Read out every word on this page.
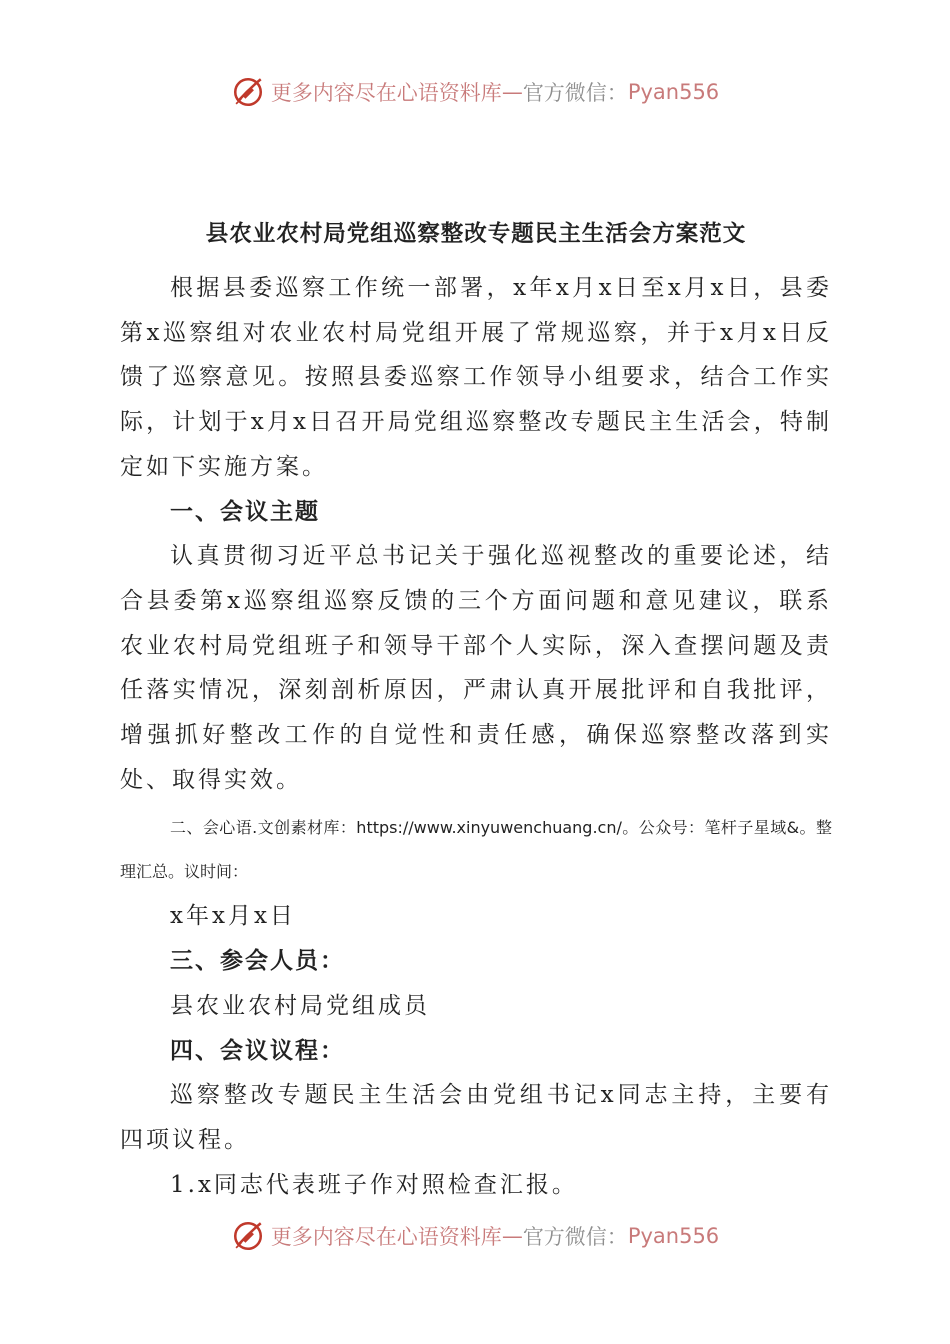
更多内容尽在心语资料库 — 官方微信： Pyan556
县农业农村局党组巡察整改专题民主生活会方案范文

根据县委巡察工作统一部署，x年x月x日至x月x日，县委第x巡察组对农业农村局党组开展了常规巡察，并于x月x日反馈了巡察意见。按照县委巡察工作领导小组要求，结合工作实际，计划于x月x日召开局党组巡察整改专题民主生活会，特制定如下实施方案。

一、会议主题

认真贯彻习近平总书记关于强化巡视整改的重要论述，结合县委第x巡察组巡察反馈的三个方面问题和意见建议，联系农业农村局党组班子和领导干部个人实际，深入查摆问题及责任落实情况，深刻剖析原因，严肃认真开展批评和自我批评，增强抓好整改工作的自觉性和责任感，确保巡察整改落到实处、取得实效。

二、会心语.文创素材库：https://www.xinyuwenchuang.cn/。公众号：笔杆子星域&。整理汇总。议时间：

x年x月x日

三、参会人员：

县农业农村局党组成员

四、会议议程：

巡察整改专题民主生活会由党组书记x同志主持，主要有四项议程。

1.x同志代表班子作对照检查汇报。

更多内容尽在心语资料库 — 官方微信： Pyan556
